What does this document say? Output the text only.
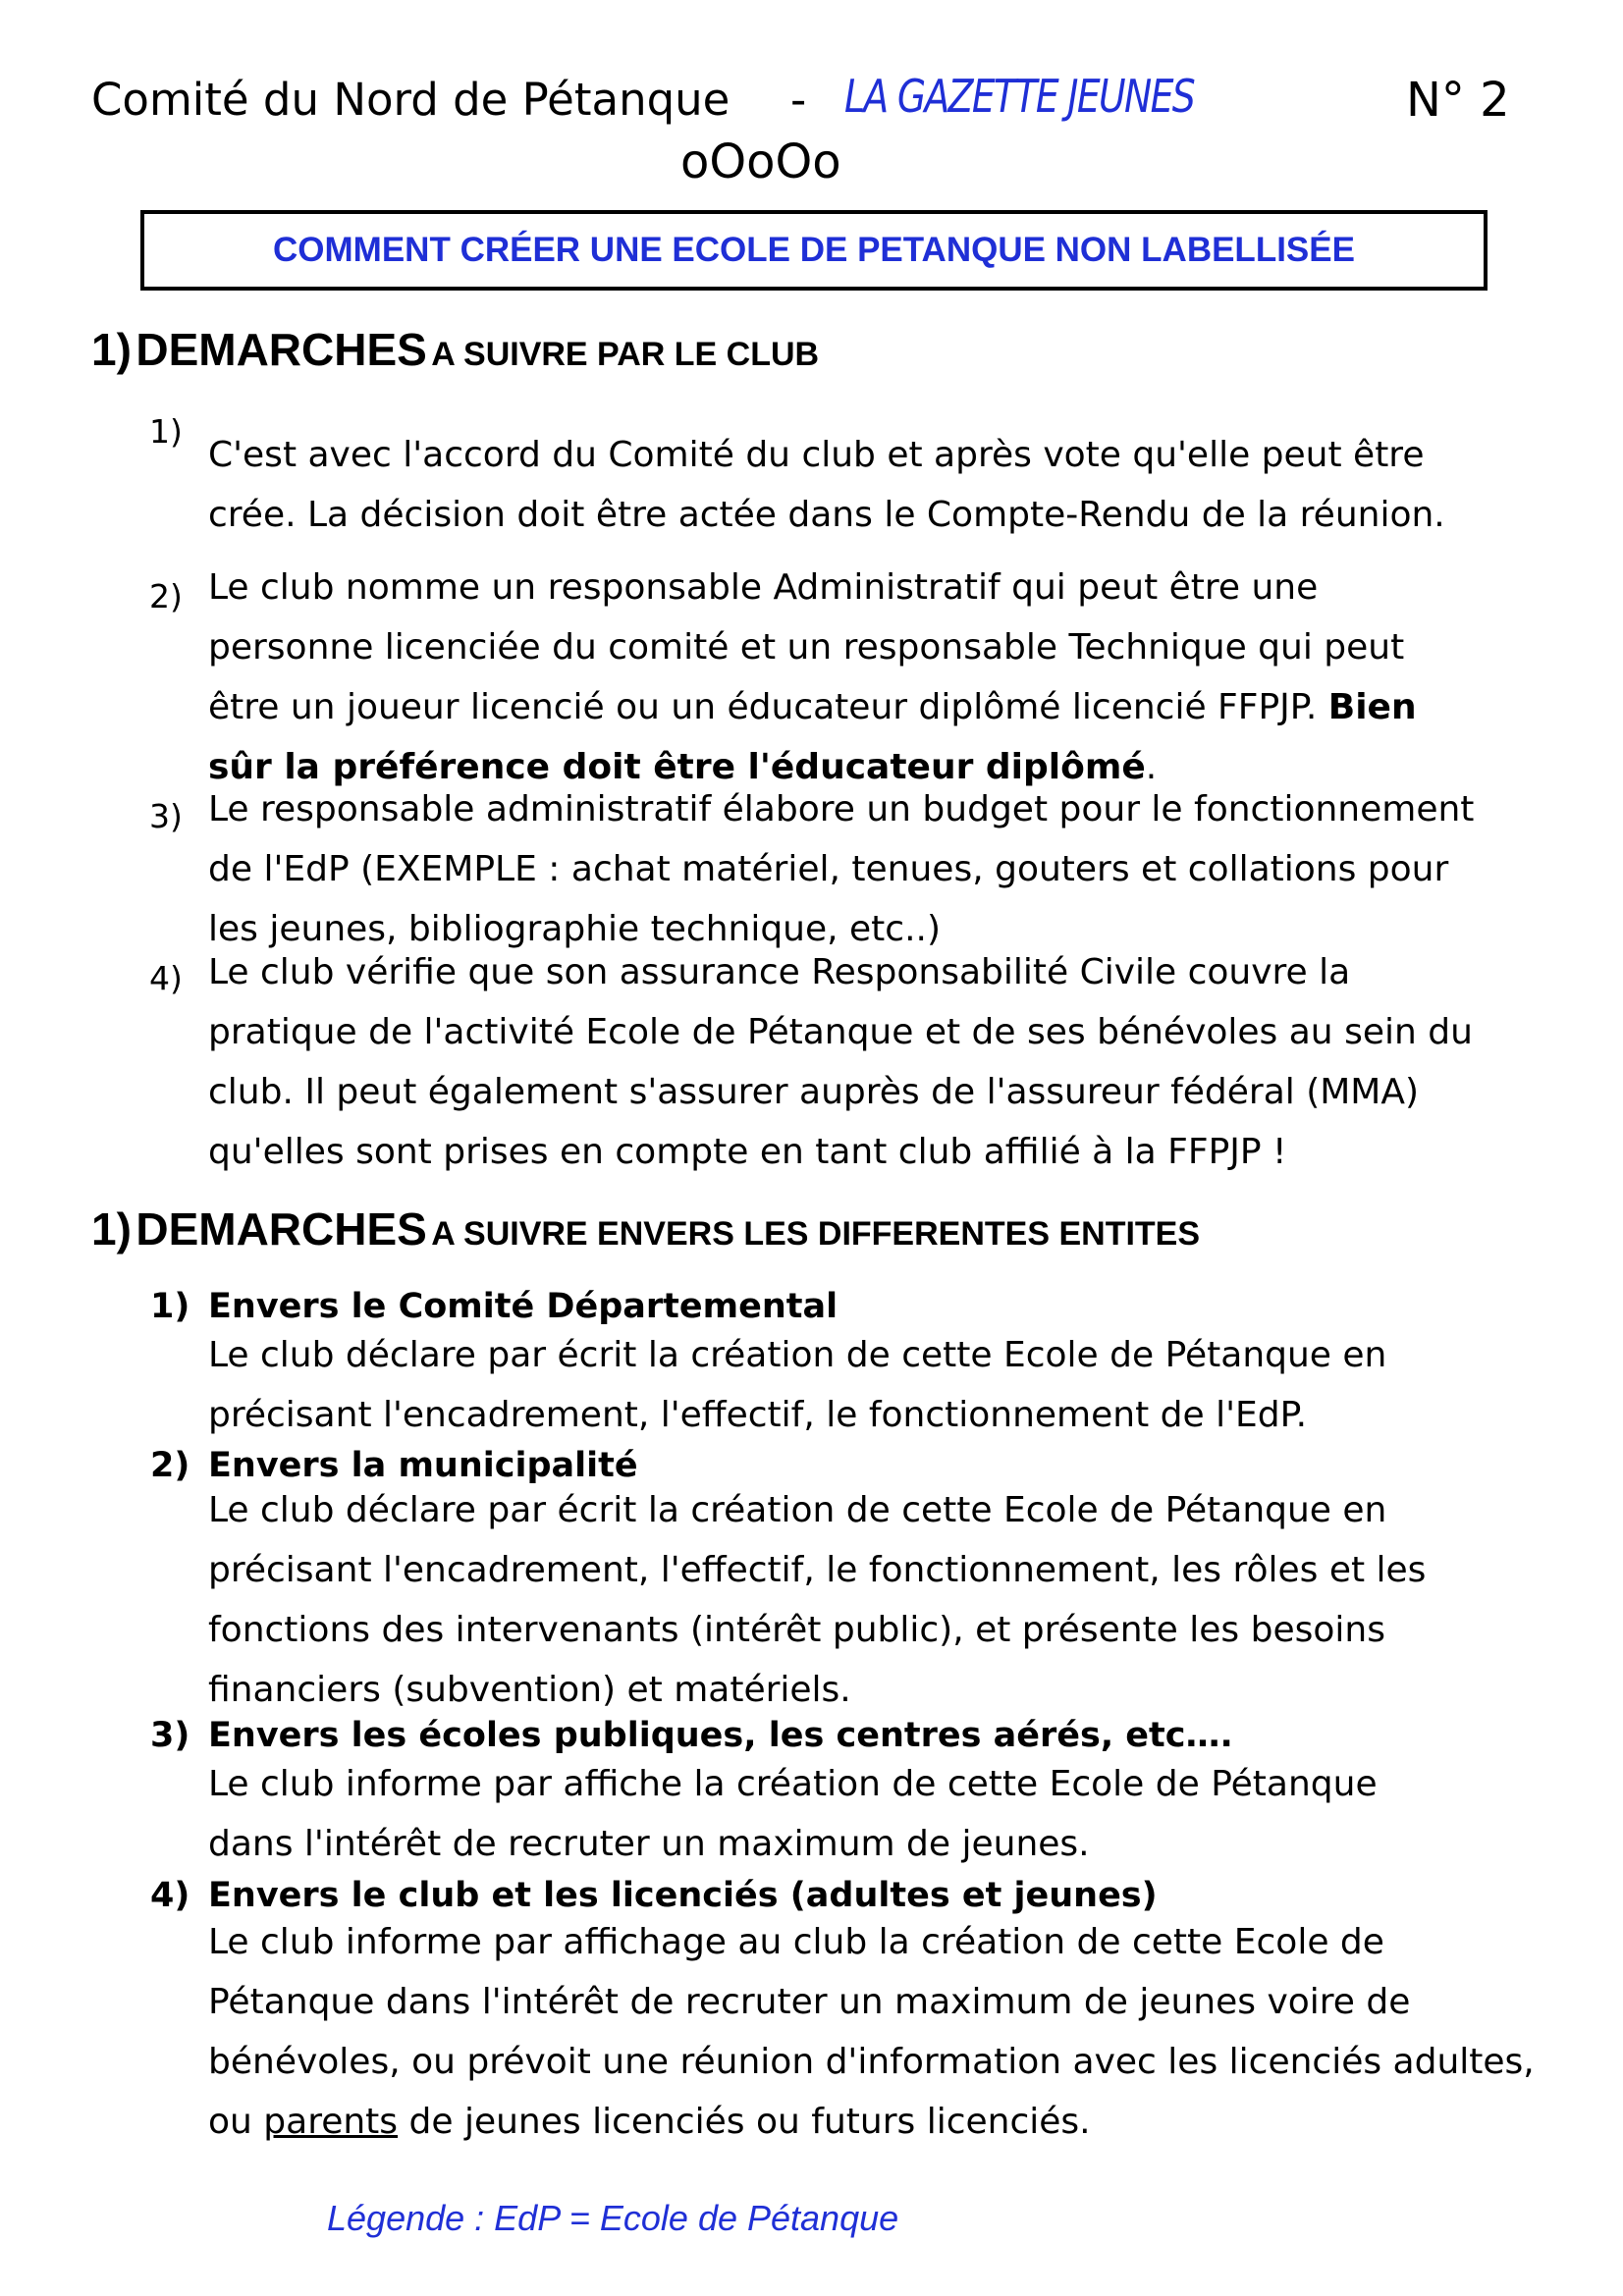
Comité du Nord de Pétanque - LA GAZETTE JEUNES	N° 2
oOoOo
COMMENT CRÉER UNE ECOLE DE PETANQUE NON LABELLISÉE
1) DEMARCHES A SUIVRE PAR LE CLUB
1)
C'est avec l'accord du Comité du club et après vote qu'elle peut être
crée. La décision doit être actée dans le Compte-Rendu de la réunion.
2) Le club nomme un responsable Administratif qui peut être une
personne licenciée du comité et un responsable Technique qui peut
être un joueur licencié ou un éducateur diplômé licencié FFPJP. Bien
sûr la préférence doit être l'éducateur diplômé.
3) Le responsable administratif élabore un budget pour le fonctionnement
de l'EdP (EXEMPLE : achat matériel, tenues, gouters et collations pour
les jeunes, bibliographie technique, etc..)
4) Le club vérifie que son assurance Responsabilité Civile couvre la
pratique de l'activité Ecole de Pétanque et de ses bénévoles au sein du
club. Il peut également s'assurer auprès de l'assureur fédéral (MMA)
qu'elles sont prises en compte en tant club affilié à la FFPJP !
1) DEMARCHES A SUIVRE ENVERS LES DIFFERENTES ENTITES
1) Envers le Comité Départemental
Le club déclare par écrit la création de cette Ecole de Pétanque en
précisant l'encadrement, l'effectif, le fonctionnement de l'EdP.
2) Envers la municipalité
Le club déclare par écrit la création de cette Ecole de Pétanque en
précisant l'encadrement, l'effectif, le fonctionnement, les rôles et les
fonctions des intervenants (intérêt public), et présente les besoins
financiers (subvention) et matériels.
3) Envers les écoles publiques, les centres aérés, etc….
Le club informe par affiche la création de cette Ecole de Pétanque
dans l'intérêt de recruter un maximum de jeunes.
4) Envers le club et les licenciés (adultes et jeunes)
Le club informe par affichage au club la création de cette Ecole de
Pétanque dans l'intérêt de recruter un maximum de jeunes voire de
bénévoles, ou prévoit une réunion d'information avec les licenciés adultes,
ou parents de jeunes licenciés ou futurs licenciés.
Légende : EdP = Ecole de Pétanque
